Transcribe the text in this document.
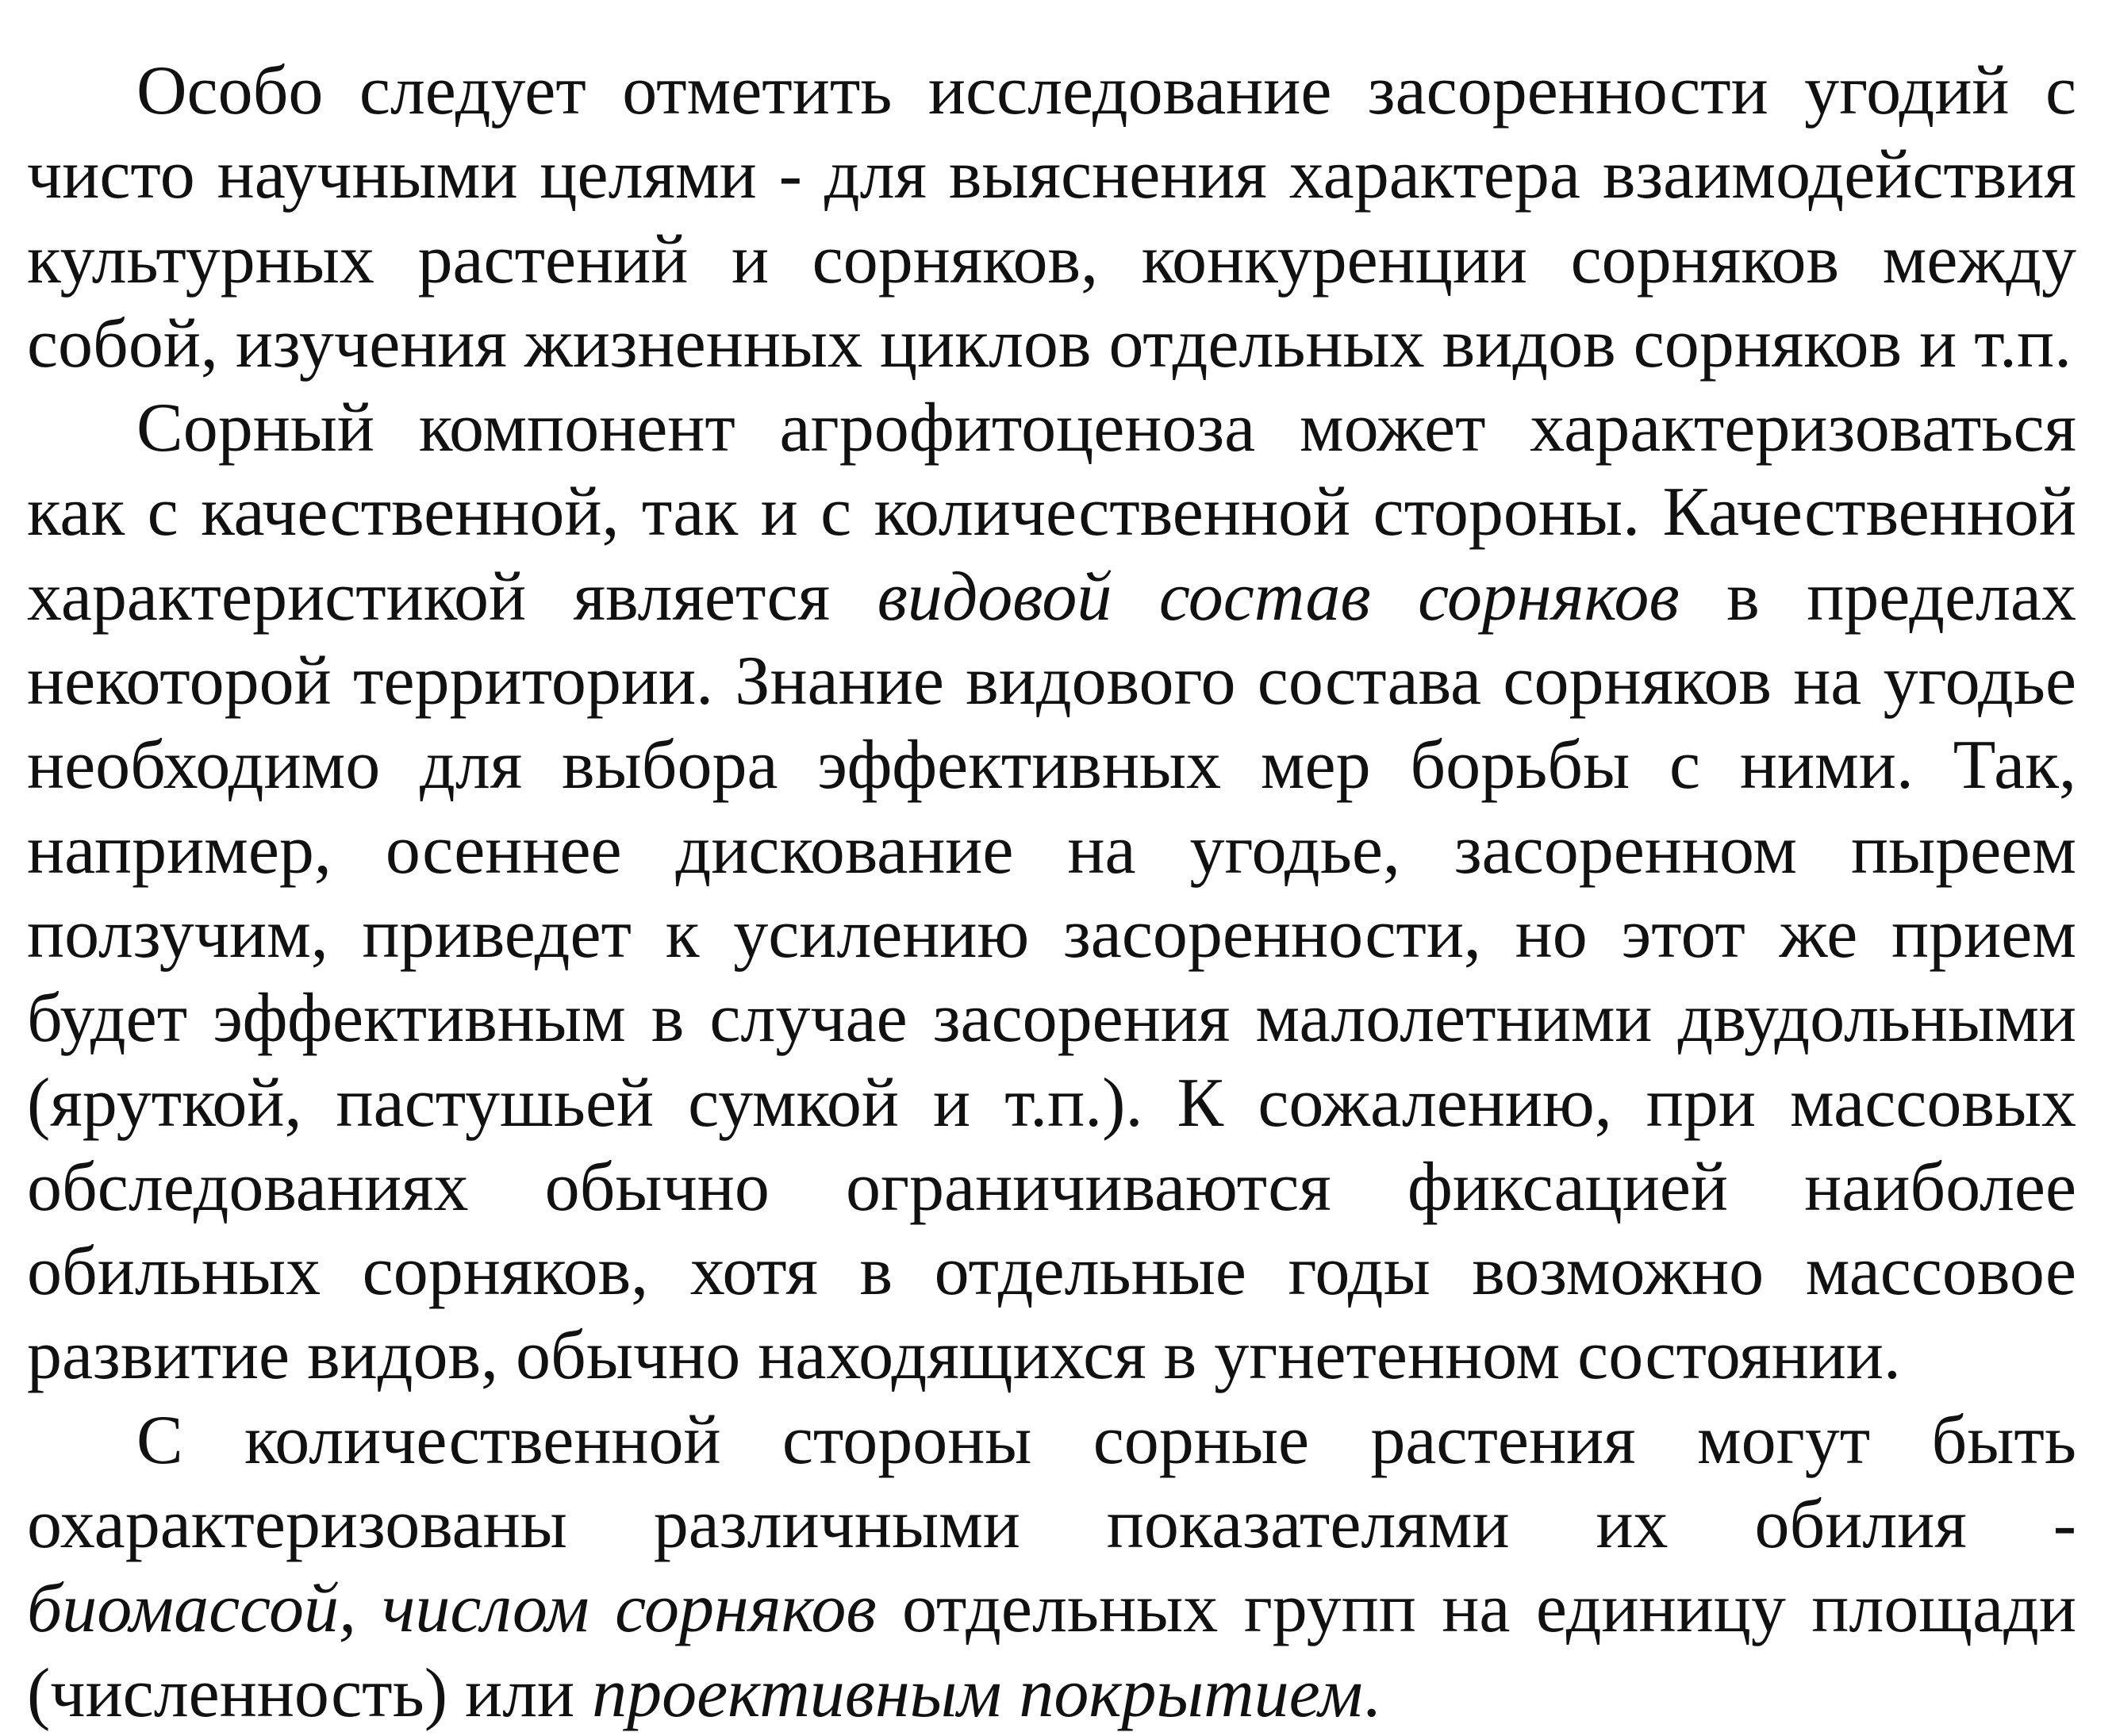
Особо следует отметить исследование засоренности угодий с чисто научными целями - для выяснения характера взаимодействия культурных растений и сорняков, конкуренции сорняков между собой, изучения жизненных циклов отдельных видов сорняков и т.п.

Сорный компонент агрофитоценоза может характеризоваться как с качественной, так и с количественной стороны. Качественной характеристикой является видовой состав сорняков в пределах некоторой территории. Знание видового состава сорняков на угодье необходимо для выбора эффективных мер борьбы с ними. Так, например, осеннее дискование на угодье, засоренном пыреем ползучим, приведет к усилению засоренности, но этот же прием будет эффективным в случае засорения малолетними двудольными (яруткой, пастушьей сумкой и т.п.). К сожалению, при массовых обследованиях обычно ограничиваются фиксацией наиболее обильных сорняков, хотя в отдельные годы возможно массовое развитие видов, обычно находящихся в угнетенном состоянии.

С количественной стороны сорные растения могут быть охарактеризованы различными показателями их обилия - биомассой, числом сорняков отдельных групп на единицу площади (численность) или проективным покрытием.
